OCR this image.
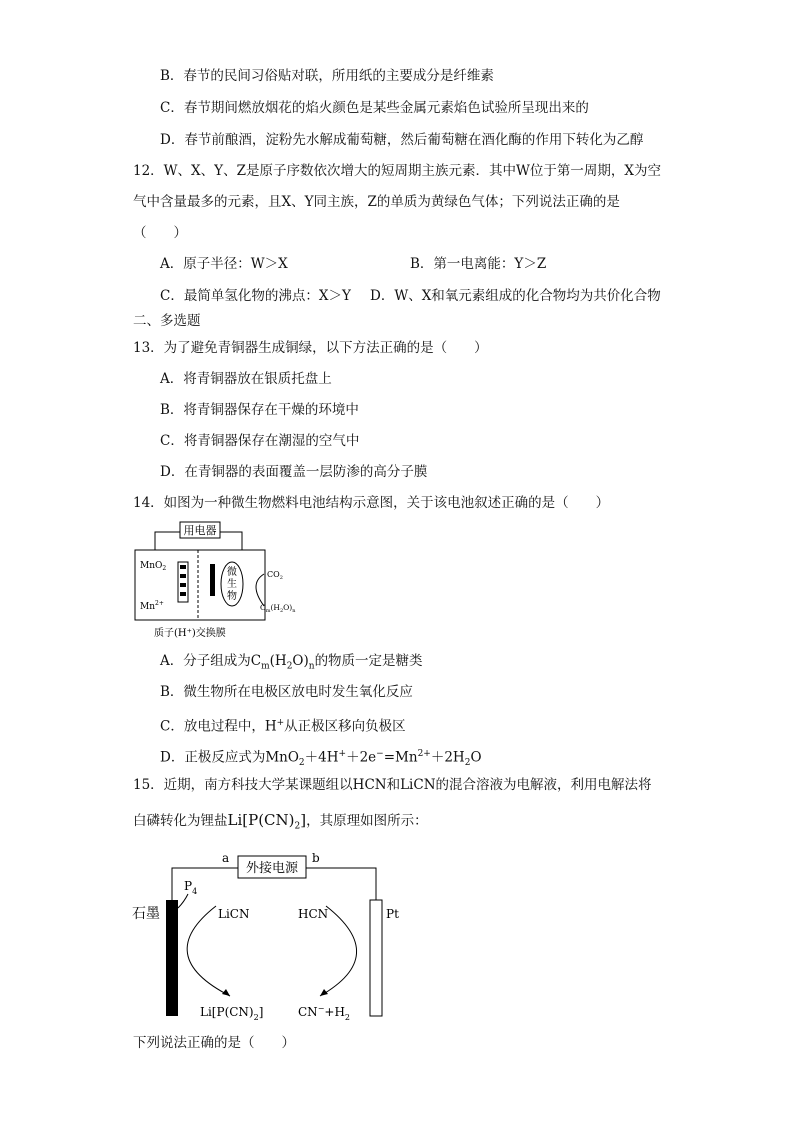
B．春节的民间习俗贴对联，所用纸的主要成分是纤维素
C．春节期间燃放烟花的焰火颜色是某些金属元素焰色试验所呈现出来的
D．春节前酿酒，淀粉先水解成葡萄糖，然后葡萄糖在酒化酶的作用下转化为乙醇
12．W、X、Y、Z是原子序数依次增大的短周期主族元素．其中W位于第一周期，X为空
气中含量最多的元素，且X、Y同主族，Z的单质为黄绿色气体；下列说法正确的是
（　　）
A．原子半径：W＞X	B．第一电离能：Y＞Z
C．最简单氢化物的沸点：X＞Y D．W、X和氧元素组成的化合物均为共价化合物
二、多选题
13．为了避免青铜器生成铜绿，以下方法正确的是（　　）
A．将青铜器放在银质托盘上
B．将青铜器保存在干燥的环境中
C．将青铜器保存在潮湿的空气中
D．在青铜器的表面覆盖一层防渗的高分子膜
14．如图为一种微生物燃料电池结构示意图，关于该电池叙述正确的是（　　）
用电器
微
生
物
MnO$_2$
$Mn^{2+}$
$CO_2$
$C_m(H_2O)_n$
质子(H⁺)交换膜
A．分子组成为$C_m(H_2O)_n$的物质一定是糖类
B．微生物所在电极区放电时发生氧化反应
C．放电过程中，H+从正极区移向负极区
D．正极反应式为$MnO_2+4H^++2e^-=Mn^{2+}+2H_2O$
15．近期，南方科技大学某课题组以HCN和LiCN的混合溶液为电解液，利用电解法将
白磷转化为锂盐$Li[P(CN)_2]$，其原理如图所示：
外接电源
a	b
石墨	Pt
$P_4$
LiCN	HCN
$Li[P(CN)_2]$	$CN^-+H_2$
下列说法正确的是（　　）
